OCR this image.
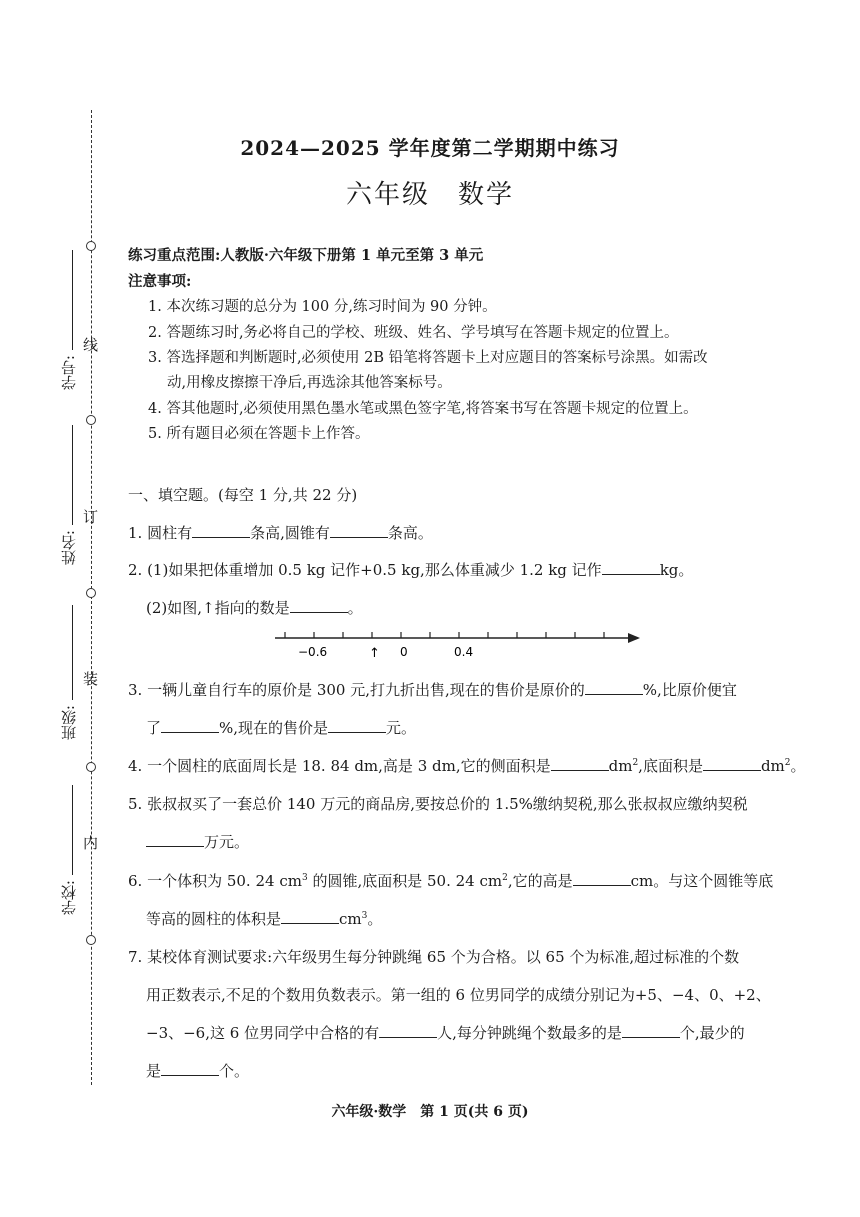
线
订
装
内
学号:
姓名:
班级:
学校:
2024—2025 学年度第二学期期中练习
六年级　数学
练习重点范围:人教版·六年级下册第 1 单元至第 3 单元
注意事项:
1. 本次练习题的总分为 100 分,练习时间为 90 分钟。
2. 答题练习时,务必将自己的学校、班级、姓名、学号填写在答题卡规定的位置上。
3. 答选择题和判断题时,必须使用 2B 铅笔将答题卡上对应题目的答案标号涂黑。如需改
动,用橡皮擦擦干净后,再选涂其他答案标号。
4. 答其他题时,必须使用黑色墨水笔或黑色签字笔,将答案书写在答题卡规定的位置上。
5. 所有题目必须在答题卡上作答。
一、填空题。(每空 1 分,共 22 分)
1. 圆柱有	条高,圆锥有	条高。
2. (1)如果把体重增加 0.5 kg 记作+0.5 kg,那么体重减少 1.2 kg 记作	kg。
(2)如图,↑指向的数是	。
−0.6	↑ 0	0.4
3. 一辆儿童自行车的原价是 300 元,打九折出售,现在的售价是原价的	%,比原价便宜
了	%,现在的售价是	元。
4. 一个圆柱的底面周长是 18. 84 dm,高是 3 dm,它的侧面积是	$dm^2$,底面积是	$dm^2$。
5. 张叔叔买了一套总价 140 万元的商品房,要按总价的 1.5%缴纳契税,那么张叔叔应缴纳契税
万元。
6. 一个体积为 50. 24 $cm^3$ 的圆锥,底面积是 50. 24 $cm^2$,它的高是	cm。与这个圆锥等底
等高的圆柱的体积是	$cm^3$。
7. 某校体育测试要求:六年级男生每分钟跳绳 65 个为合格。以 65 个为标准,超过标准的个数
用正数表示,不足的个数用负数表示。第一组的 6 位男同学的成绩分别记为+5、−4、0、+2、
−3、−6,这 6 位男同学中合格的有	人,每分钟跳绳个数最多的是	个,最少的
是	个。
六年级·数学　第 1 页(共 6 页)
